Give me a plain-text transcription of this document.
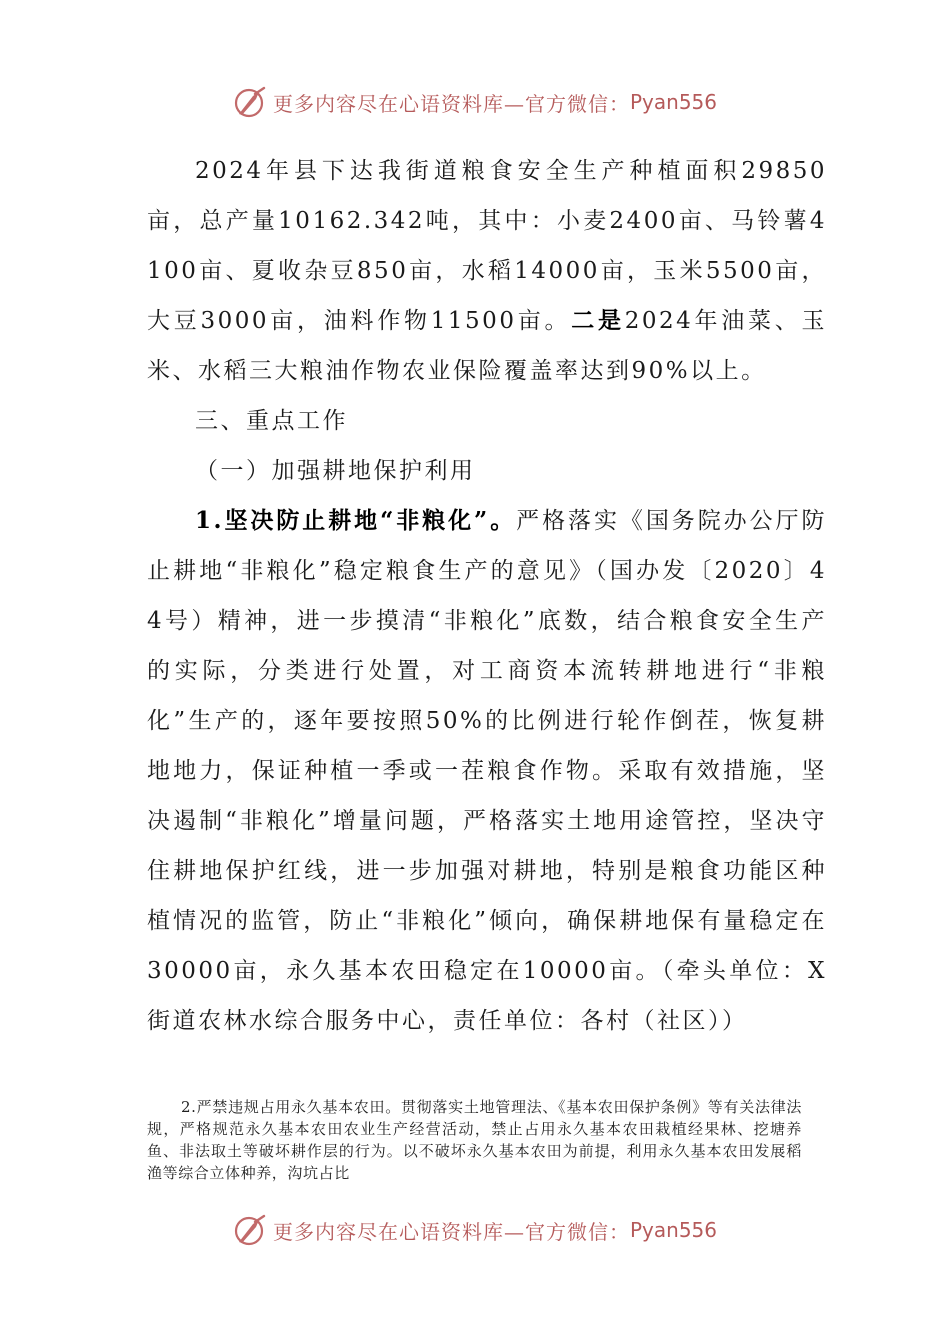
更多内容尽在心语资料库—官方微信： Pyan556

2024年县下达我街道粮食安全生产种植面积29850亩，总产量10162.342吨，其中：小麦2400亩、马铃薯4100亩、夏收杂豆850亩，水稻14000亩，玉米5500亩，大豆3000亩，油料作物11500亩。二是2024年油菜、玉米、水稻三大粮油作物农业保险覆盖率达到90%以上。

三、重点工作

（一）加强耕地保护利用

1.坚决防止耕地“非粮化”。严格落实《国务院办公厅防止耕地“非粮化”稳定粮食生产的意见》（国办发〔2020〕44号）精神，进一步摸清“非粮化”底数，结合粮食安全生产的实际，分类进行处置，对工商资本流转耕地进行“非粮化”生产的，逐年要按照50%的比例进行轮作倒茬，恢复耕地地力，保证种植一季或一茬粮食作物。采取有效措施，坚决遏制“非粮化”增量问题，严格落实土地用途管控，坚决守住耕地保护红线，进一步加强对耕地，特别是粮食功能区种植情况的监管，防止“非粮化”倾向，确保耕地保有量稳定在30000亩，永久基本农田稳定在10000亩。（牵头单位：X街道农林水综合服务中心，责任单位：各村（社区））

2.严禁违规占用永久基本农田。贯彻落实土地管理法、《基本农田保护条例》等有关法律法规，严格规范永久基本农田农业生产经营活动，禁止占用永久基本农田栽植经果林、挖塘养鱼、非法取土等破坏耕作层的行为。以不破坏永久基本农田为前提，利用永久基本农田发展稻渔等综合立体种养，沟坑占比

更多内容尽在心语资料库—官方微信： Pyan556
